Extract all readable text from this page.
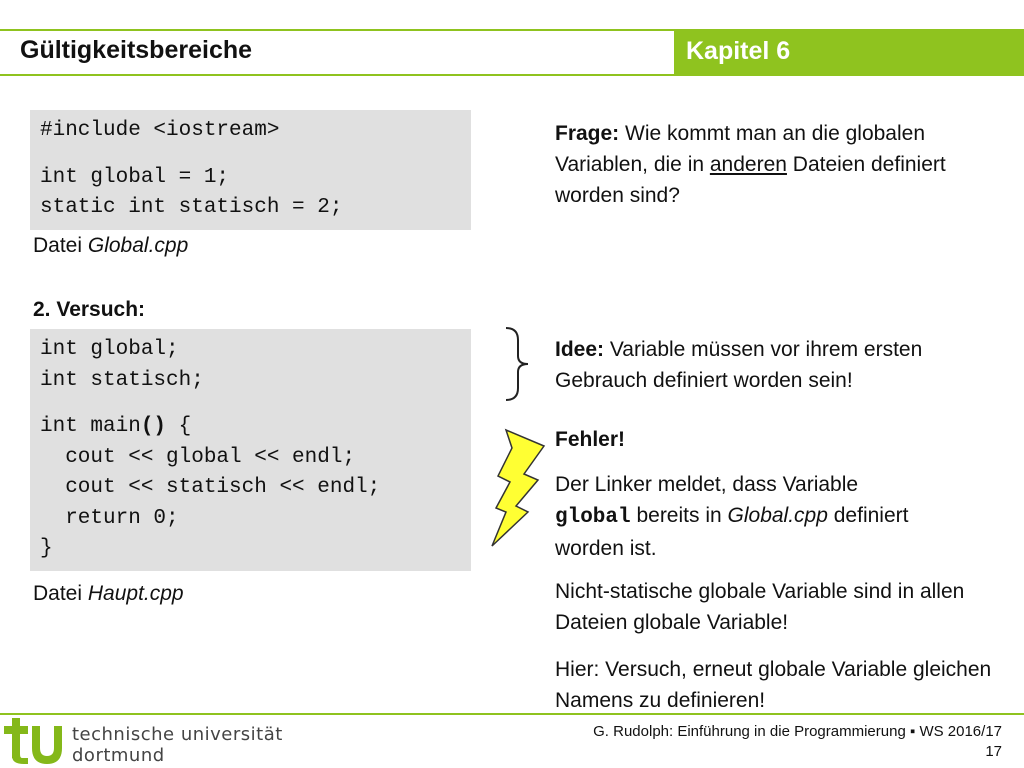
Gültigkeitsbereiche	Kapitel 6
#include <iostream>
int global = 1;
static int statisch = 2;
Datei Global.cpp
2. Versuch:
int global;
int statisch;
int main() {
cout << global << endl;
cout << statisch << endl;
return 0;
}
Datei Haupt.cpp
Frage: Wie kommt man an die globalen Variablen, die in anderen Dateien definiert worden sind?
Idee: Variable müssen vor ihrem ersten Gebrauch definiert worden sein!
Fehler!
Der Linker meldet, dass Variable global bereits in Global.cpp definiert worden ist.
Nicht-statische globale Variable sind in allen Dateien globale Variable!
Hier: Versuch, erneut globale Variable gleichen Namens zu definieren!
technische universität
dortmund
G. Rudolph: Einführung in die Programmierung ▪ WS 2016/17
17
